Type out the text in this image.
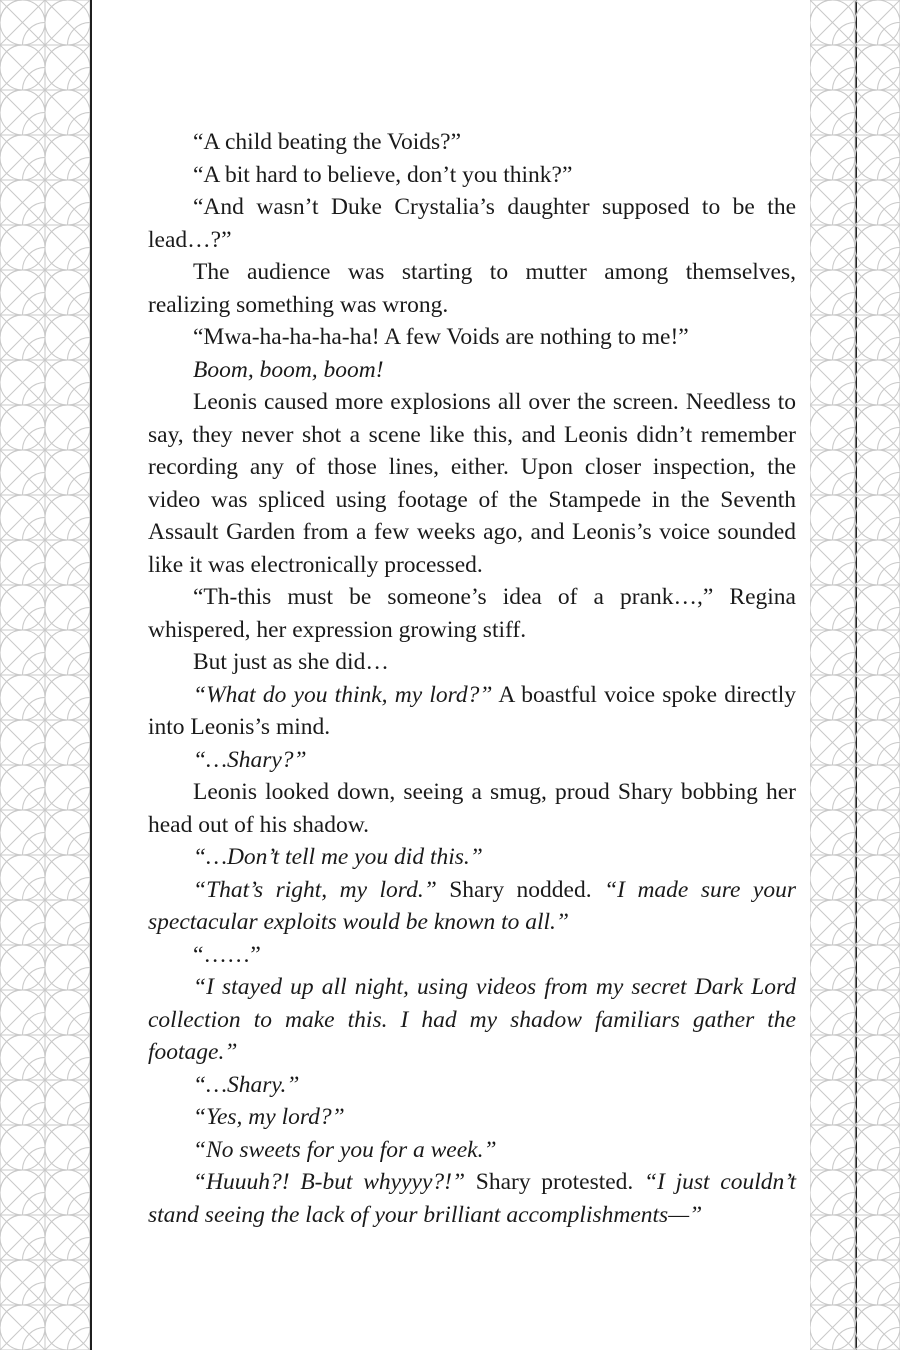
“A child beating the Voids?”

“A bit hard to believe, don’t you think?”

“And wasn’t Duke Crystalia’s daughter supposed to be the lead…?”

The audience was starting to mutter among themselves, realizing something was wrong.

“Mwa-ha-ha-ha-ha! A few Voids are nothing to me!”

Boom, boom, boom!

Leonis caused more explosions all over the screen. Needless to say, they never shot a scene like this, and Leonis didn’t remember recording any of those lines, either. Upon closer inspection, the video was spliced using footage of the Stampede in the Seventh Assault Garden from a few weeks ago, and Leonis’s voice sounded like it was electronically processed.

“Th-this must be someone’s idea of a prank…,” Regina whispered, her expression growing stiff.

But just as she did…

“What do you think, my lord?” A boastful voice spoke directly into Leonis’s mind.

“…Shary?”

Leonis looked down, seeing a smug, proud Shary bobbing her head out of his shadow.

“…Don’t tell me you did this.”

“That’s right, my lord.” Shary nodded. “I made sure your spectacular exploits would be known to all.”

“……”

“I stayed up all night, using videos from my secret Dark Lord collection to make this. I had my shadow familiars gather the footage.”

“…Shary.”

“Yes, my lord?”

“No sweets for you for a week.”

“Huuuh?! B-but whyyyy?!” Shary protested. “I just couldn’t stand seeing the lack of your brilliant accomplishments—”
